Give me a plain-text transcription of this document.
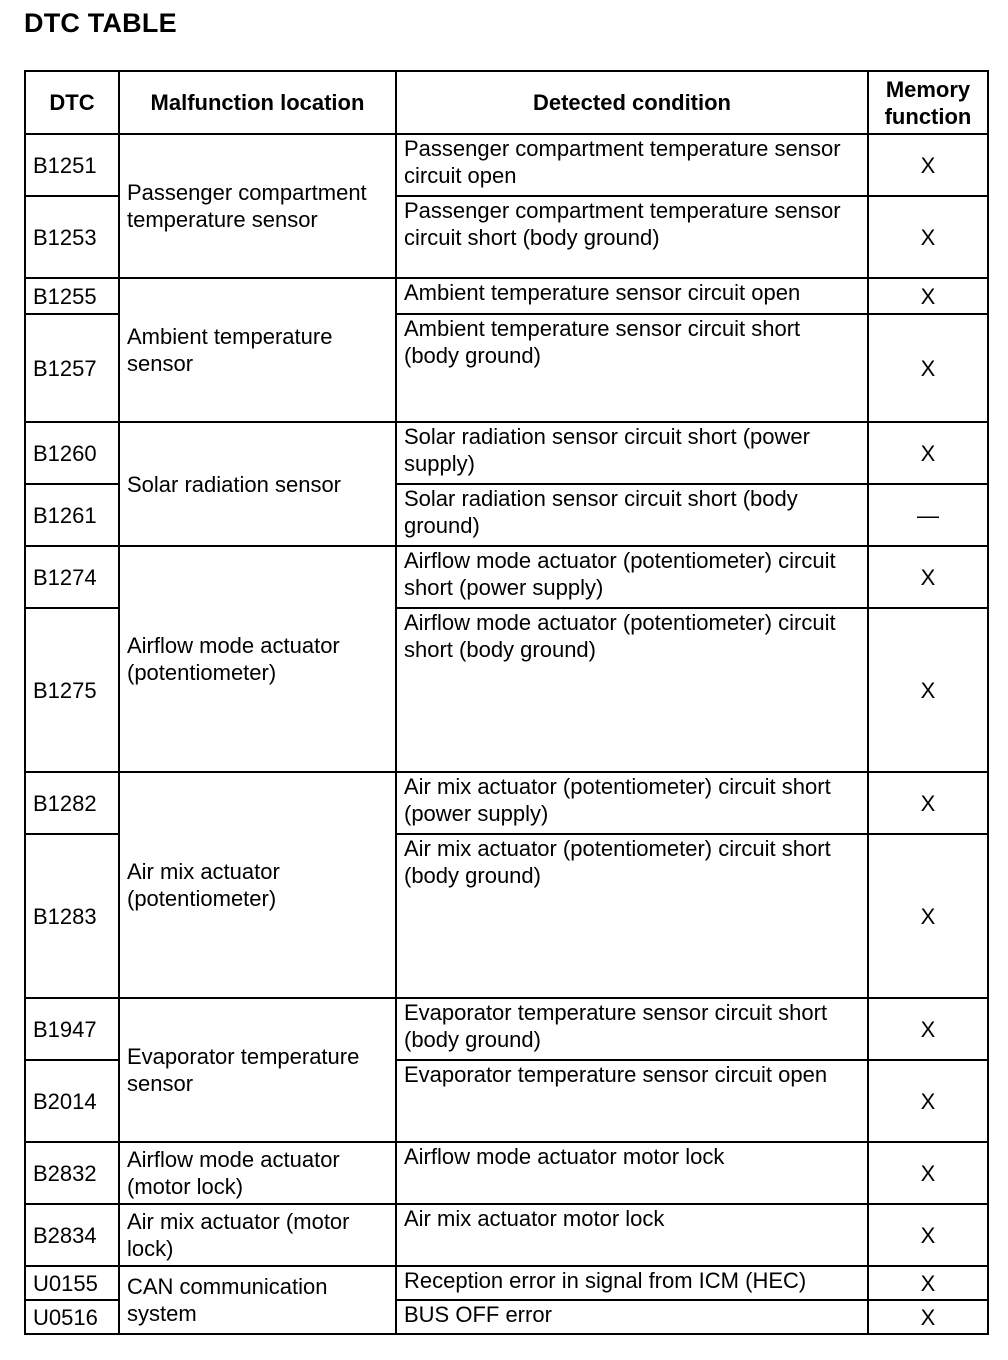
DTC TABLE
DTC	Malfunction location	Detected condition	Memory function
B1251	Passenger compartment temperature sensor	Passenger compartment temperature sensor circuit open	X
B1253		Passenger compartment temperature sensor circuit short (body ground)	X
B1255	Ambient temperature sensor	Ambient temperature sensor circuit open	X
B1257		Ambient temperature sensor circuit short (body ground)	X
B1260	Solar radiation sensor	Solar radiation sensor circuit short (power supply)	X
B1261		Solar radiation sensor circuit short (body ground)	—
B1274	Airflow mode actuator (potentiometer)	Airflow mode actuator (potentiometer) circuit short (power supply)	X
B1275		Airflow mode actuator (potentiometer) circuit short (body ground)	X
B1282	Air mix actuator (potentiometer)	Air mix actuator (potentiometer) circuit short (power supply)	X
B1283		Air mix actuator (potentiometer) circuit short (body ground)	X
B1947	Evaporator temperature sensor	Evaporator temperature sensor circuit short (body ground)	X
B2014		Evaporator temperature sensor circuit open	X
B2832	Airflow mode actuator (motor lock)	Airflow mode actuator motor lock	X
B2834	Air mix actuator (motor lock)	Air mix actuator motor lock	X
U0155	CAN communication system	Reception error in signal from ICM (HEC)	X
U0516		BUS OFF error	X
